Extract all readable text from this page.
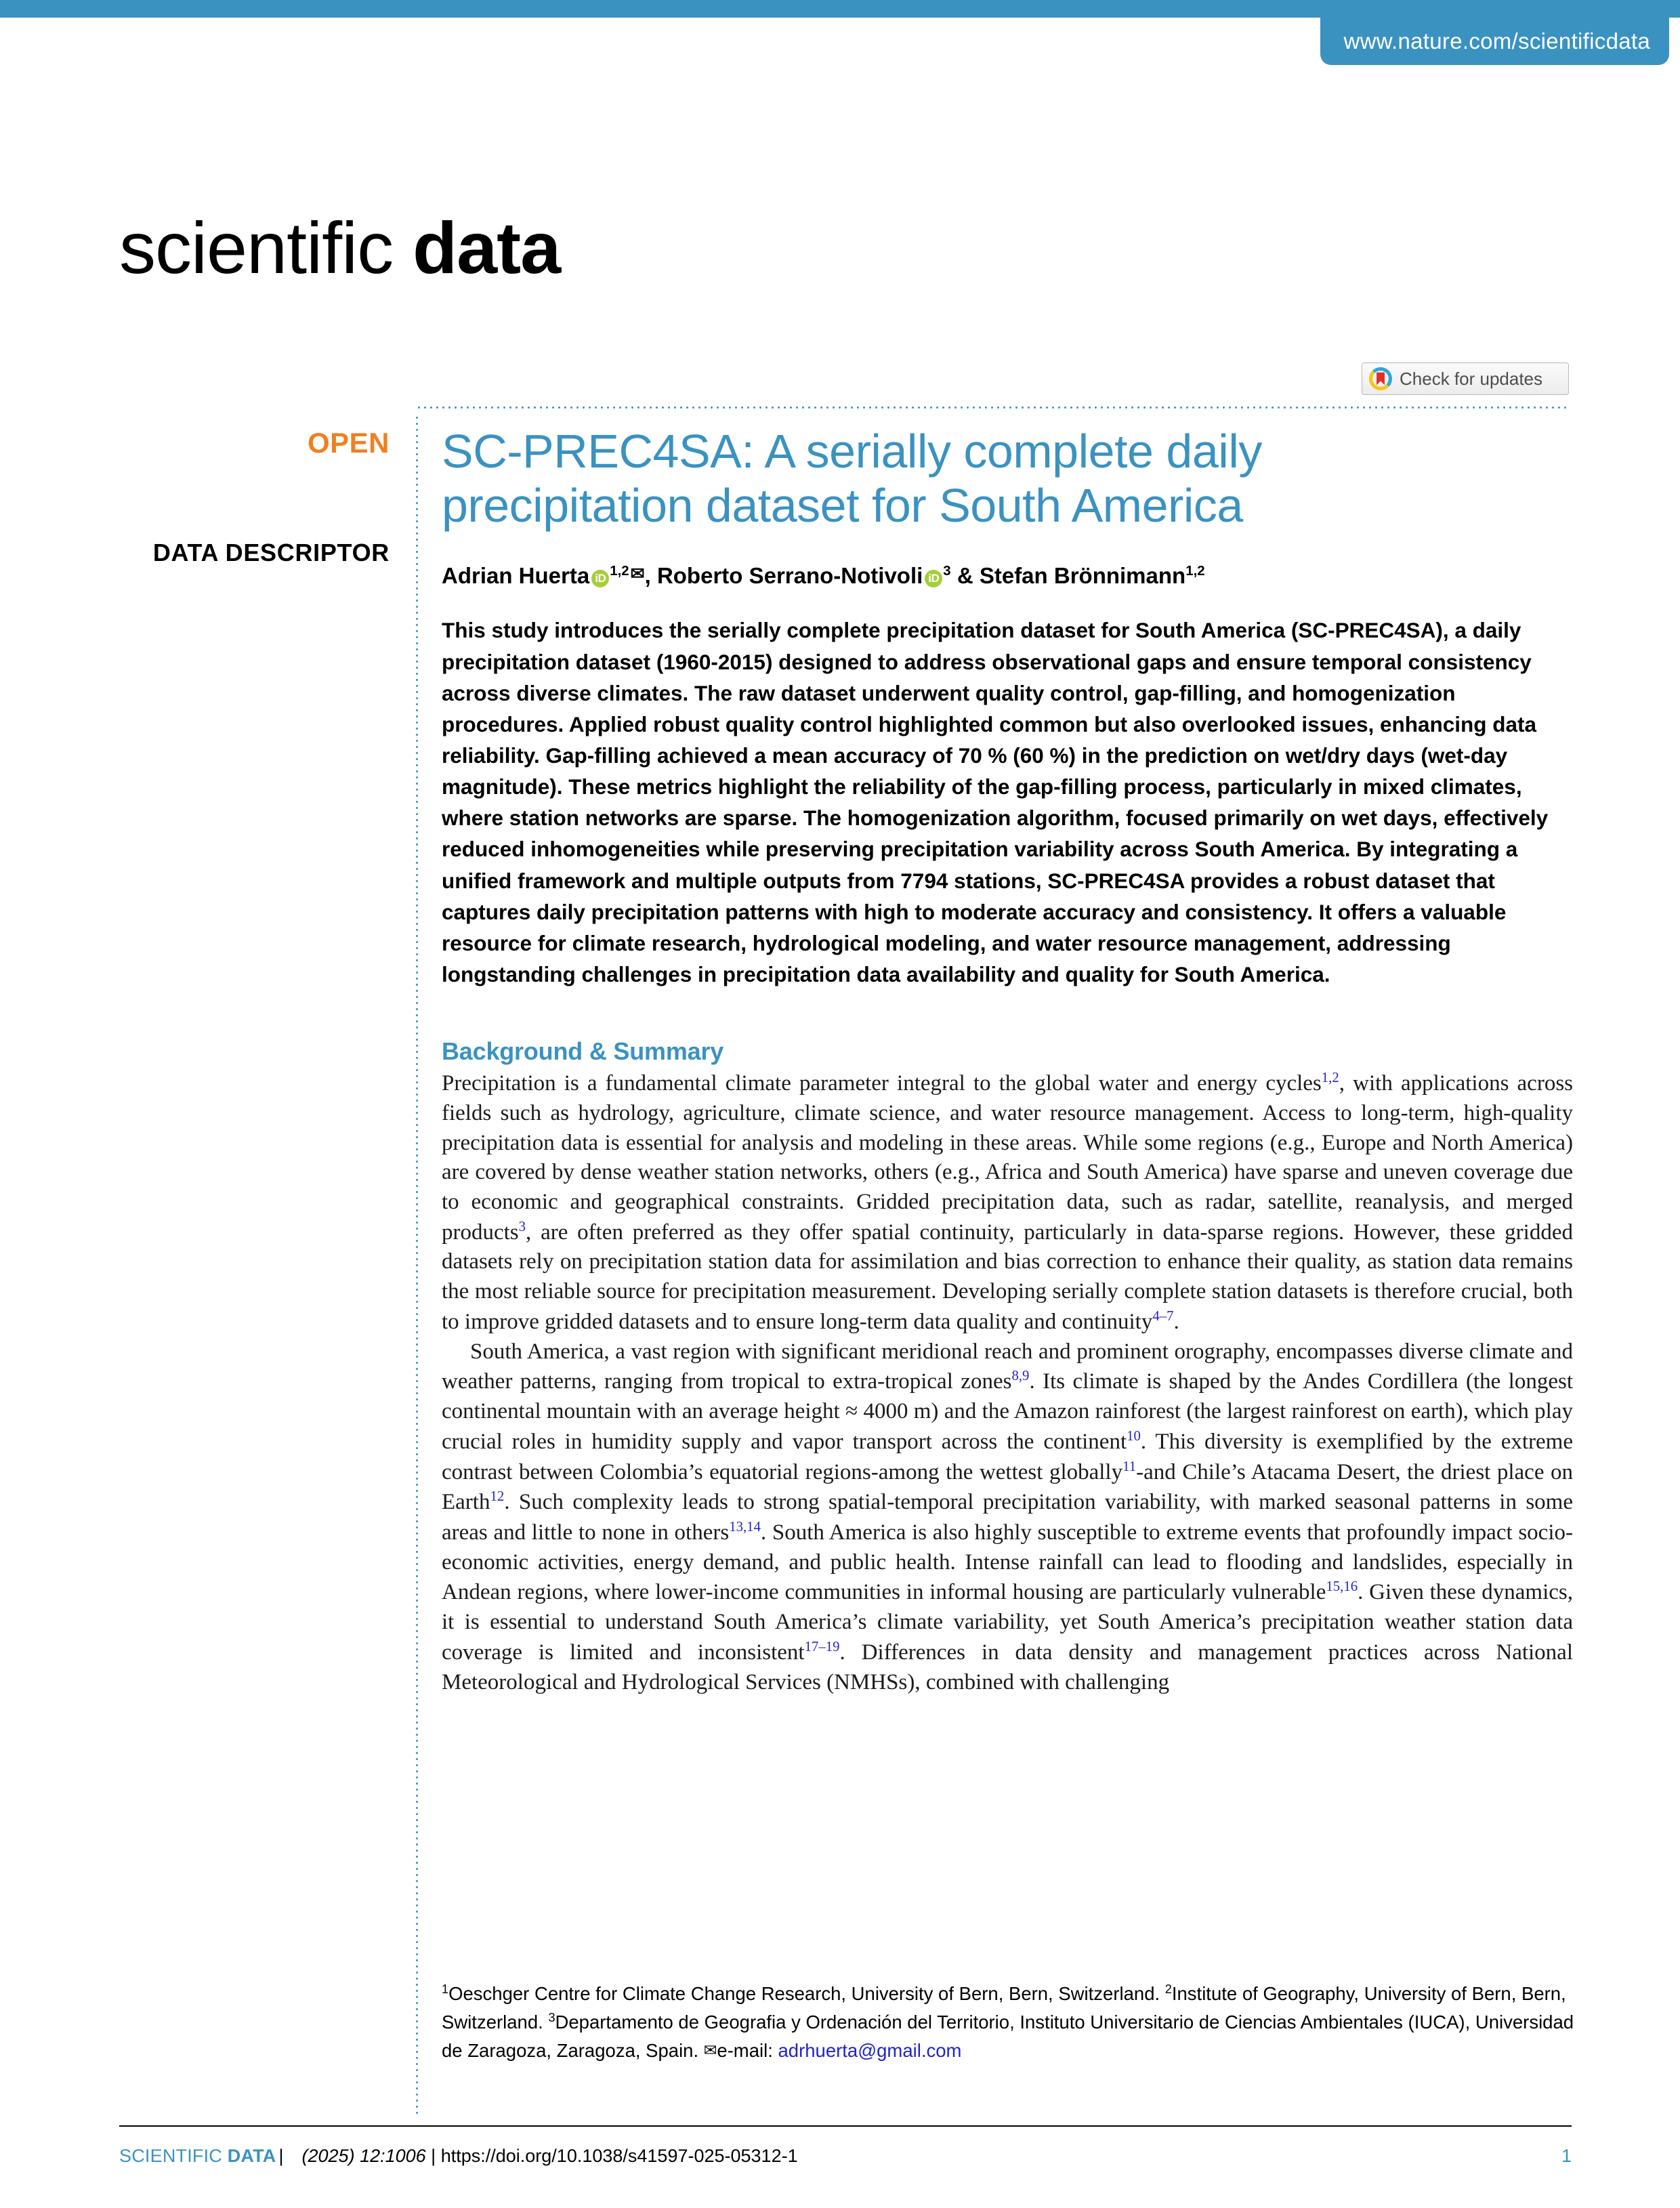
www.nature.com/scientificdata
scientific data
Check for updates
OPEN
DATA DESCRIPTOR
SC-PREC4SA: A serially complete daily precipitation dataset for South America
Adrian Huerta iD $^{1,2}$✉, Roberto Serrano-Notivoli iD $^3$ & Stefan Brönnimann$^{1,2}$
This study introduces the serially complete precipitation dataset for South America (SC-PREC4SA), a daily precipitation dataset (1960-2015) designed to address observational gaps and ensure temporal consistency across diverse climates. The raw dataset underwent quality control, gap-filling, and homogenization procedures. Applied robust quality control highlighted common but also overlooked issues, enhancing data reliability. Gap-filling achieved a mean accuracy of 70 % (60 %) in the prediction on wet/dry days (wet-day magnitude). These metrics highlight the reliability of the gap-filling process, particularly in mixed climates, where station networks are sparse. The homogenization algorithm, focused primarily on wet days, effectively reduced inhomogeneities while preserving precipitation variability across South America. By integrating a unified framework and multiple outputs from 7794 stations, SC-PREC4SA provides a robust dataset that captures daily precipitation patterns with high to moderate accuracy and consistency. It offers a valuable resource for climate research, hydrological modeling, and water resource management, addressing longstanding challenges in precipitation data availability and quality for South America.
Background & Summary

Precipitation is a fundamental climate parameter integral to the global water and energy cycles$^{1,2}$, with applications across fields such as hydrology, agriculture, climate science, and water resource management. Access to long-term, high-quality precipitation data is essential for analysis and modeling in these areas. While some regions (e.g., Europe and North America) are covered by dense weather station networks, others (e.g., Africa and South America) have sparse and uneven coverage due to economic and geographical constraints. Gridded precipitation data, such as radar, satellite, reanalysis, and merged products$^3$, are often preferred as they offer spatial continuity, particularly in data-sparse regions. However, these gridded datasets rely on precipitation station data for assimilation and bias correction to enhance their quality, as station data remains the most reliable source for precipitation measurement. Developing serially complete station datasets is therefore crucial, both to improve gridded datasets and to ensure long-term data quality and continuity$^{4-7}$.

South America, a vast region with significant meridional reach and prominent orography, encompasses diverse climate and weather patterns, ranging from tropical to extra-tropical zones$^{8,9}$. Its climate is shaped by the Andes Cordillera (the longest continental mountain with an average height ≈ 4000 m) and the Amazon rainforest (the largest rainforest on earth), which play crucial roles in humidity supply and vapor transport across the continent$^{10}$. This diversity is exemplified by the extreme contrast between Colombia’s equatorial regions-among the wettest globally$^{11}$-and Chile’s Atacama Desert, the driest place on Earth$^{12}$. Such complexity leads to strong spatial-temporal precipitation variability, with marked seasonal patterns in some areas and little to none in others$^{13,14}$. South America is also highly susceptible to extreme events that profoundly impact socio-economic activities, energy demand, and public health. Intense rainfall can lead to flooding and landslides, especially in Andean regions, where lower-income communities in informal housing are particularly vulnerable$^{15,16}$. Given these dynamics, it is essential to understand South America’s climate variability, yet South America’s precipitation weather station data coverage is limited and inconsistent$^{17-19}$. Differences in data density and management practices across National Meteorological and Hydrological Services (NMHSs), combined with challenging

$^1$Oeschger Centre for Climate Change Research, University of Bern, Bern, Switzerland. $^2$Institute of Geography, University of Bern, Bern, Switzerland. $^3$Departamento de Geografia y Ordenación del Territorio, Instituto Universitario de Ciencias Ambientales (IUCA), Universidad de Zaragoza, Zaragoza, Spain. ✉e-mail: adrhuerta@gmail.com
SCIENTIFIC DATA | (2025) 12:1006 | https://doi.org/10.1038/s41597-025-05312-1	1
